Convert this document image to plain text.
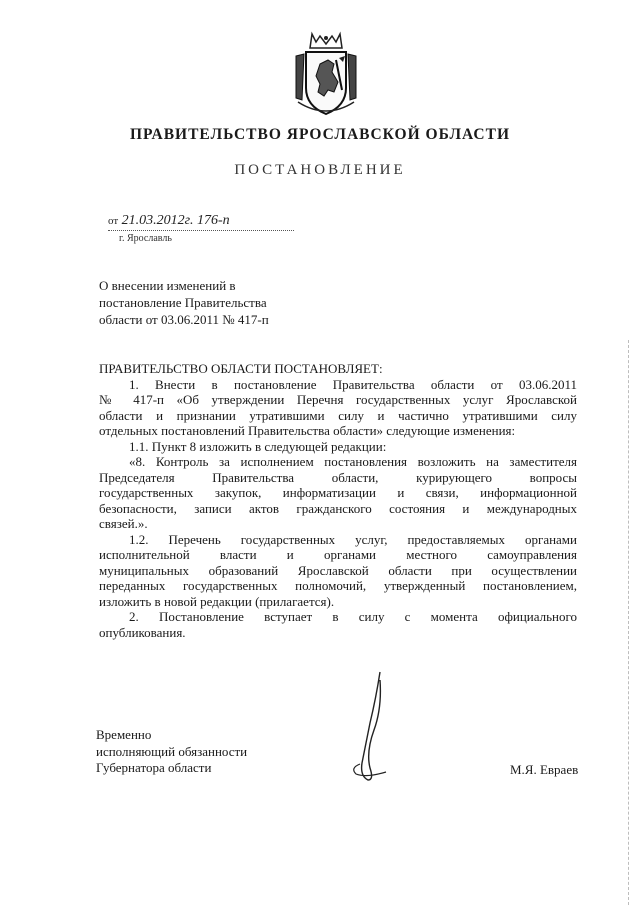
ПРАВИТЕЛЬСТВО ЯРОСЛАВСКОЙ ОБЛАСТИ
ПОСТАНОВЛЕНИЕ
от 21.03.2012г. 176-п
г. Ярославль
О внесении изменений в
постановление Правительства
области от 03.06.2011 № 417-п
ПРАВИТЕЛЬСТВО ОБЛАСТИ ПОСТАНОВЛЯЕТ:
1. Внести в постановление Правительства области от 03.06.2011
№ 417-п «Об утверждении Перечня государственных услуг Ярославской
области и признании утратившими силу и частично утратившими силу
отдельных постановлений Правительства области» следующие изменения:
1.1. Пункт 8 изложить в следующей редакции:
«8. Контроль за исполнением постановления возложить на заместителя
Председателя Правительства области, курирующего вопросы
государственных закупок, информатизации и связи, информационной
безопасности, записи актов гражданского состояния и международных
связей.».
1.2. Перечень государственных услуг, предоставляемых органами
исполнительной власти и органами местного самоуправления
муниципальных образований Ярославской области при осуществлении
переданных государственных полномочий, утвержденный постановлением,
изложить в новой редакции (прилагается).
2. Постановление вступает в силу с момента официального
опубликования.
Временно
исполняющий обязанности
Губернатора области	М.Я. Евраев
